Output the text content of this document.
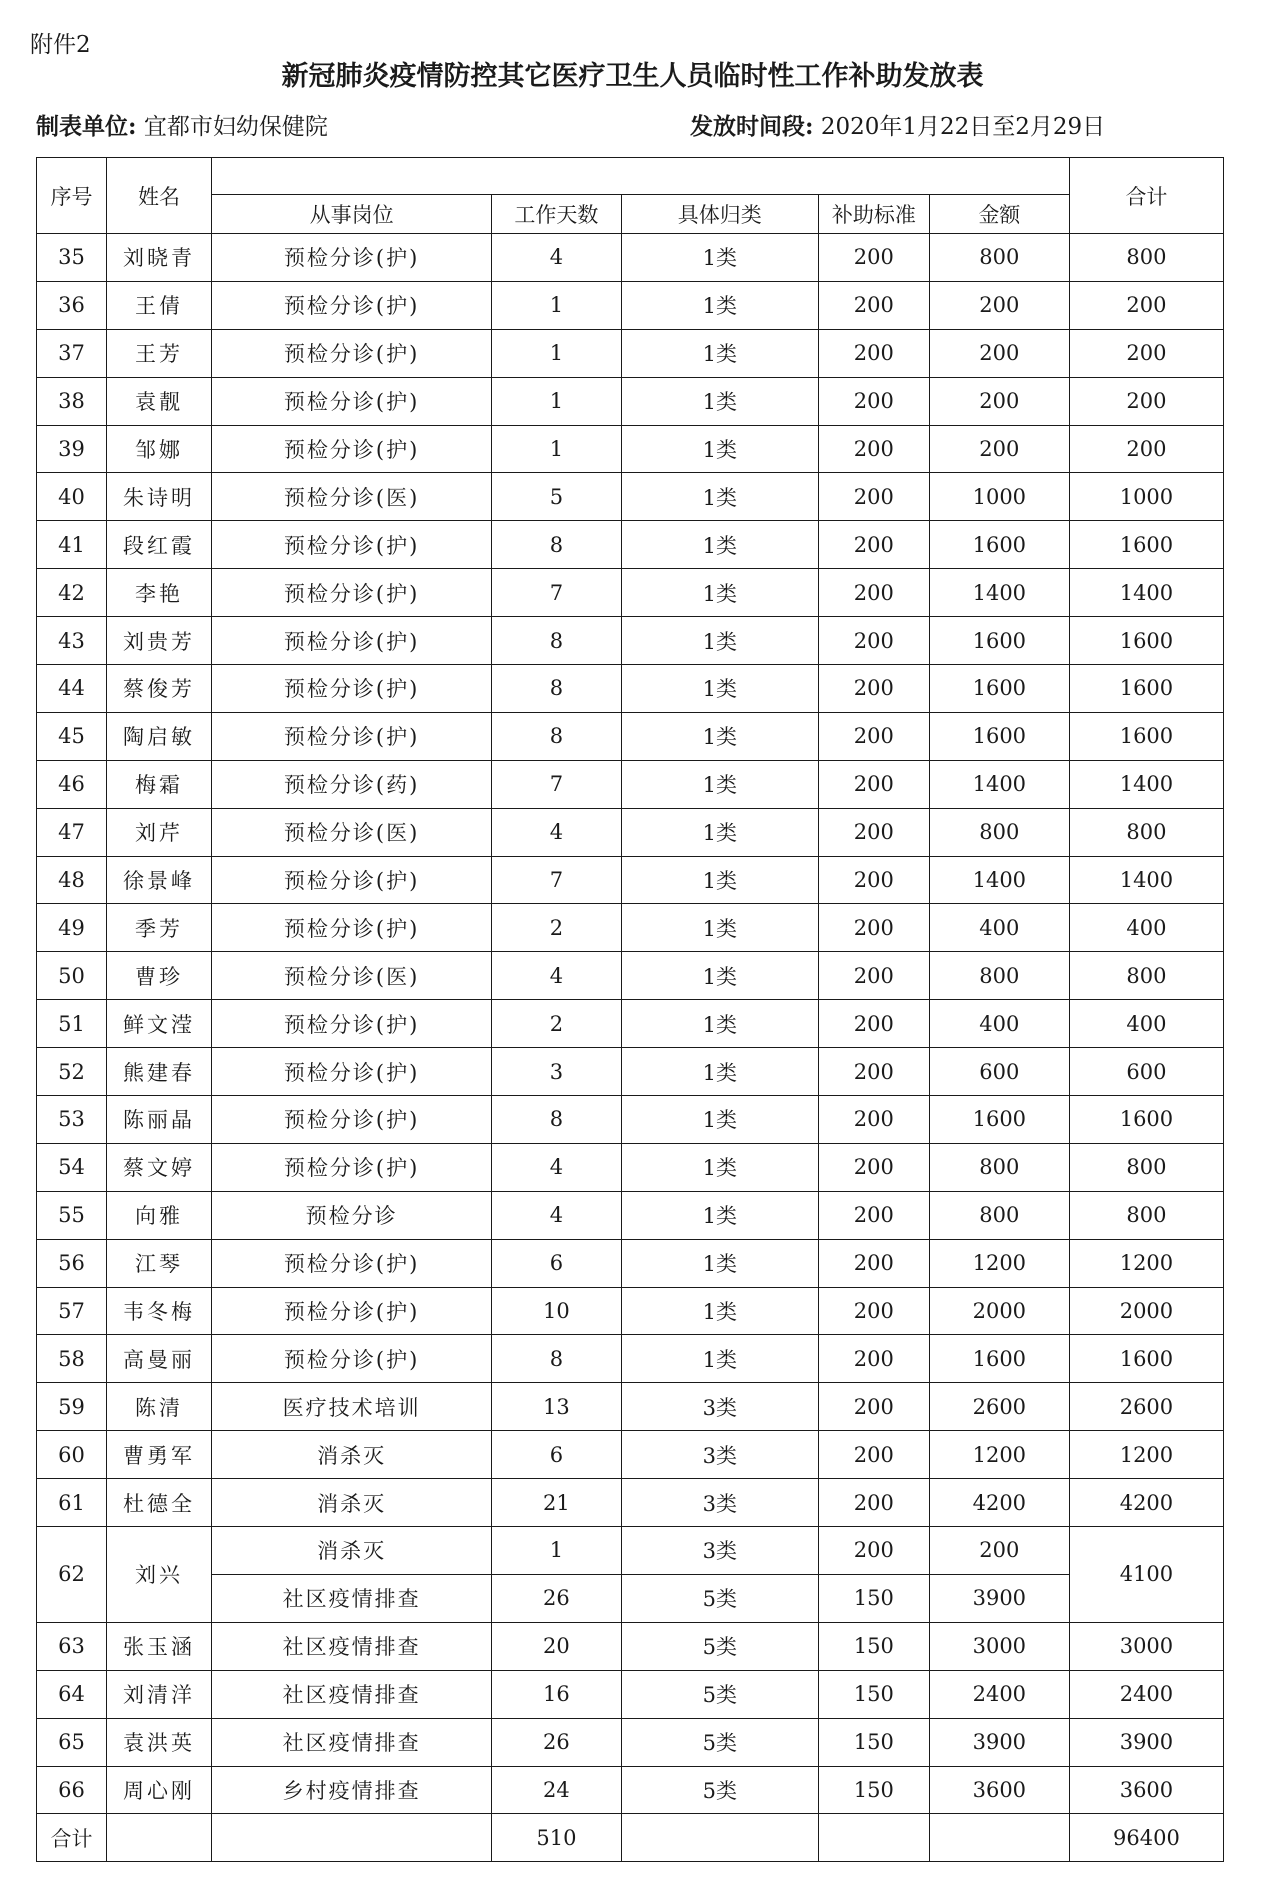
附件2
新冠肺炎疫情防控其它医疗卫生人员临时性工作补助发放表
制表单位: 宜都市妇幼保健院	发放时间段: 2020年1月22日至2月29日
序号	姓名						合计
		从事岗位	工作天数	具体归类	补助标准	金额	
35	刘晓青	预检分诊(护)	4	1类	200	800	800
36	王倩	预检分诊(护)	1	1类	200	200	200
37	王芳	预检分诊(护)	1	1类	200	200	200
38	袁靓	预检分诊(护)	1	1类	200	200	200
39	邹娜	预检分诊(护)	1	1类	200	200	200
40	朱诗明	预检分诊(医)	5	1类	200	1000	1000
41	段红霞	预检分诊(护)	8	1类	200	1600	1600
42	李艳	预检分诊(护)	7	1类	200	1400	1400
43	刘贵芳	预检分诊(护)	8	1类	200	1600	1600
44	蔡俊芳	预检分诊(护)	8	1类	200	1600	1600
45	陶启敏	预检分诊(护)	8	1类	200	1600	1600
46	梅霜	预检分诊(药)	7	1类	200	1400	1400
47	刘芹	预检分诊(医)	4	1类	200	800	800
48	徐景峰	预检分诊(护)	7	1类	200	1400	1400
49	季芳	预检分诊(护)	2	1类	200	400	400
50	曹珍	预检分诊(医)	4	1类	200	800	800
51	鲜文滢	预检分诊(护)	2	1类	200	400	400
52	熊建春	预检分诊(护)	3	1类	200	600	600
53	陈丽晶	预检分诊(护)	8	1类	200	1600	1600
54	蔡文婷	预检分诊(护)	4	1类	200	800	800
55	向雅	预检分诊	4	1类	200	800	800
56	江琴	预检分诊(护)	6	1类	200	1200	1200
57	韦冬梅	预检分诊(护)	10	1类	200	2000	2000
58	高曼丽	预检分诊(护)	8	1类	200	1600	1600
59	陈清	医疗技术培训	13	3类	200	2600	2600
60	曹勇军	消杀灭	6	3类	200	1200	1200
61	杜德全	消杀灭	21	3类	200	4200	4200
62	刘兴	消杀灭	1	3类	200	200	4100
		社区疫情排查	26	5类	150	3900	
63	张玉涵	社区疫情排查	20	5类	150	3000	3000
64	刘清洋	社区疫情排查	16	5类	150	2400	2400
65	袁洪英	社区疫情排查	26	5类	150	3900	3900
66	周心刚	乡村疫情排查	24	5类	150	3600	3600
合计			510				96400
